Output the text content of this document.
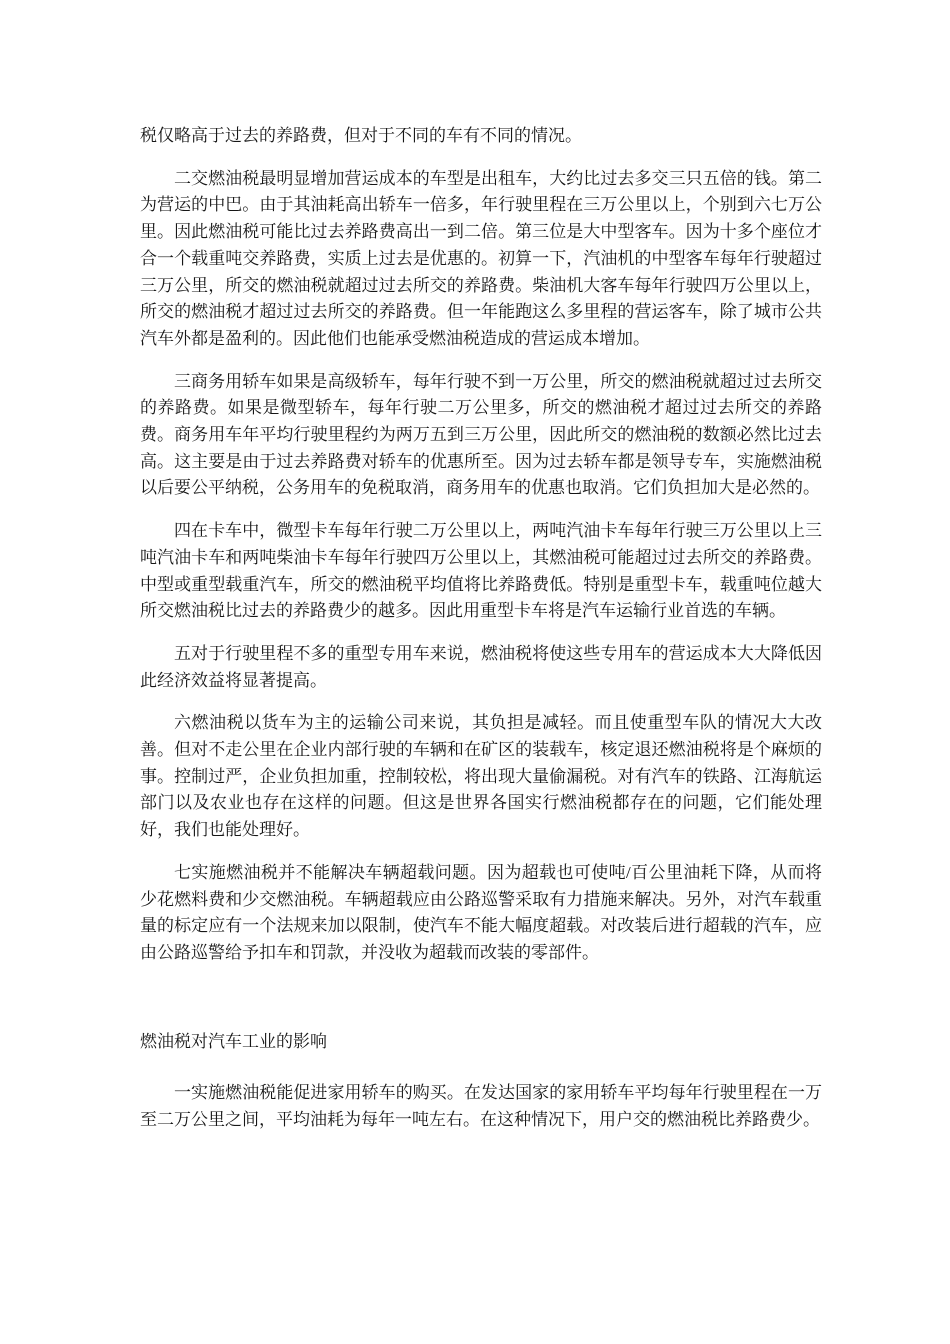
税仅略高于过去的养路费，但对于不同的车有不同的情况。

二交燃油税最明显增加营运成本的车型是出租车，大约比过去多交三只五倍的钱。第二为营运的中巴。由于其油耗高出轿车一倍多，年行驶里程在三万公里以上，个别到六七万公里。因此燃油税可能比过去养路费高出一到二倍。第三位是大中型客车。因为十多个座位才合一个载重吨交养路费，实质上过去是优惠的。初算一下，汽油机的中型客车每年行驶超过三万公里，所交的燃油税就超过过去所交的养路费。柴油机大客车每年行驶四万公里以上，所交的燃油税才超过过去所交的养路费。但一年能跑这么多里程的营运客车，除了城市公共汽车外都是盈利的。因此他们也能承受燃油税造成的营运成本增加。

三商务用轿车如果是高级轿车，每年行驶不到一万公里，所交的燃油税就超过过去所交的养路费。如果是微型轿车，每年行驶二万公里多，所交的燃油税才超过过去所交的养路费。商务用车年平均行驶里程约为两万五到三万公里，因此所交的燃油税的数额必然比过去高。这主要是由于过去养路费对轿车的优惠所至。因为过去轿车都是领导专车，实施燃油税以后要公平纳税，公务用车的免税取消，商务用车的优惠也取消。它们负担加大是必然的。

四在卡车中，微型卡车每年行驶二万公里以上，两吨汽油卡车每年行驶三万公里以上三吨汽油卡车和两吨柴油卡车每年行驶四万公里以上，其燃油税可能超过过去所交的养路费。中型或重型载重汽车，所交的燃油税平均值将比养路费低。特别是重型卡车，载重吨位越大所交燃油税比过去的养路费少的越多。因此用重型卡车将是汽车运输行业首选的车辆。

五对于行驶里程不多的重型专用车来说，燃油税将使这些专用车的营运成本大大降低因此经济效益将显著提高。

六燃油税以货车为主的运输公司来说，其负担是减轻。而且使重型车队的情况大大改善。但对不走公里在企业内部行驶的车辆和在矿区的装载车，核定退还燃油税将是个麻烦的事。控制过严，企业负担加重，控制较松，将出现大量偷漏税。对有汽车的铁路、江海航运部门以及农业也存在这样的问题。但这是世界各国实行燃油税都存在的问题，它们能处理好，我们也能处理好。

七实施燃油税并不能解决车辆超载问题。因为超载也可使吨/百公里油耗下降，从而将少花燃料费和少交燃油税。车辆超载应由公路巡警采取有力措施来解决。另外，对汽车载重量的标定应有一个法规来加以限制，使汽车不能大幅度超载。对改装后进行超载的汽车，应由公路巡警给予扣车和罚款，并没收为超载而改装的零部件。

燃油税对汽车工业的影响

一实施燃油税能促进家用轿车的购买。在发达国家的家用轿车平均每年行驶里程在一万至二万公里之间，平均油耗为每年一吨左右。在这种情况下，用户交的燃油税比养路费少。
